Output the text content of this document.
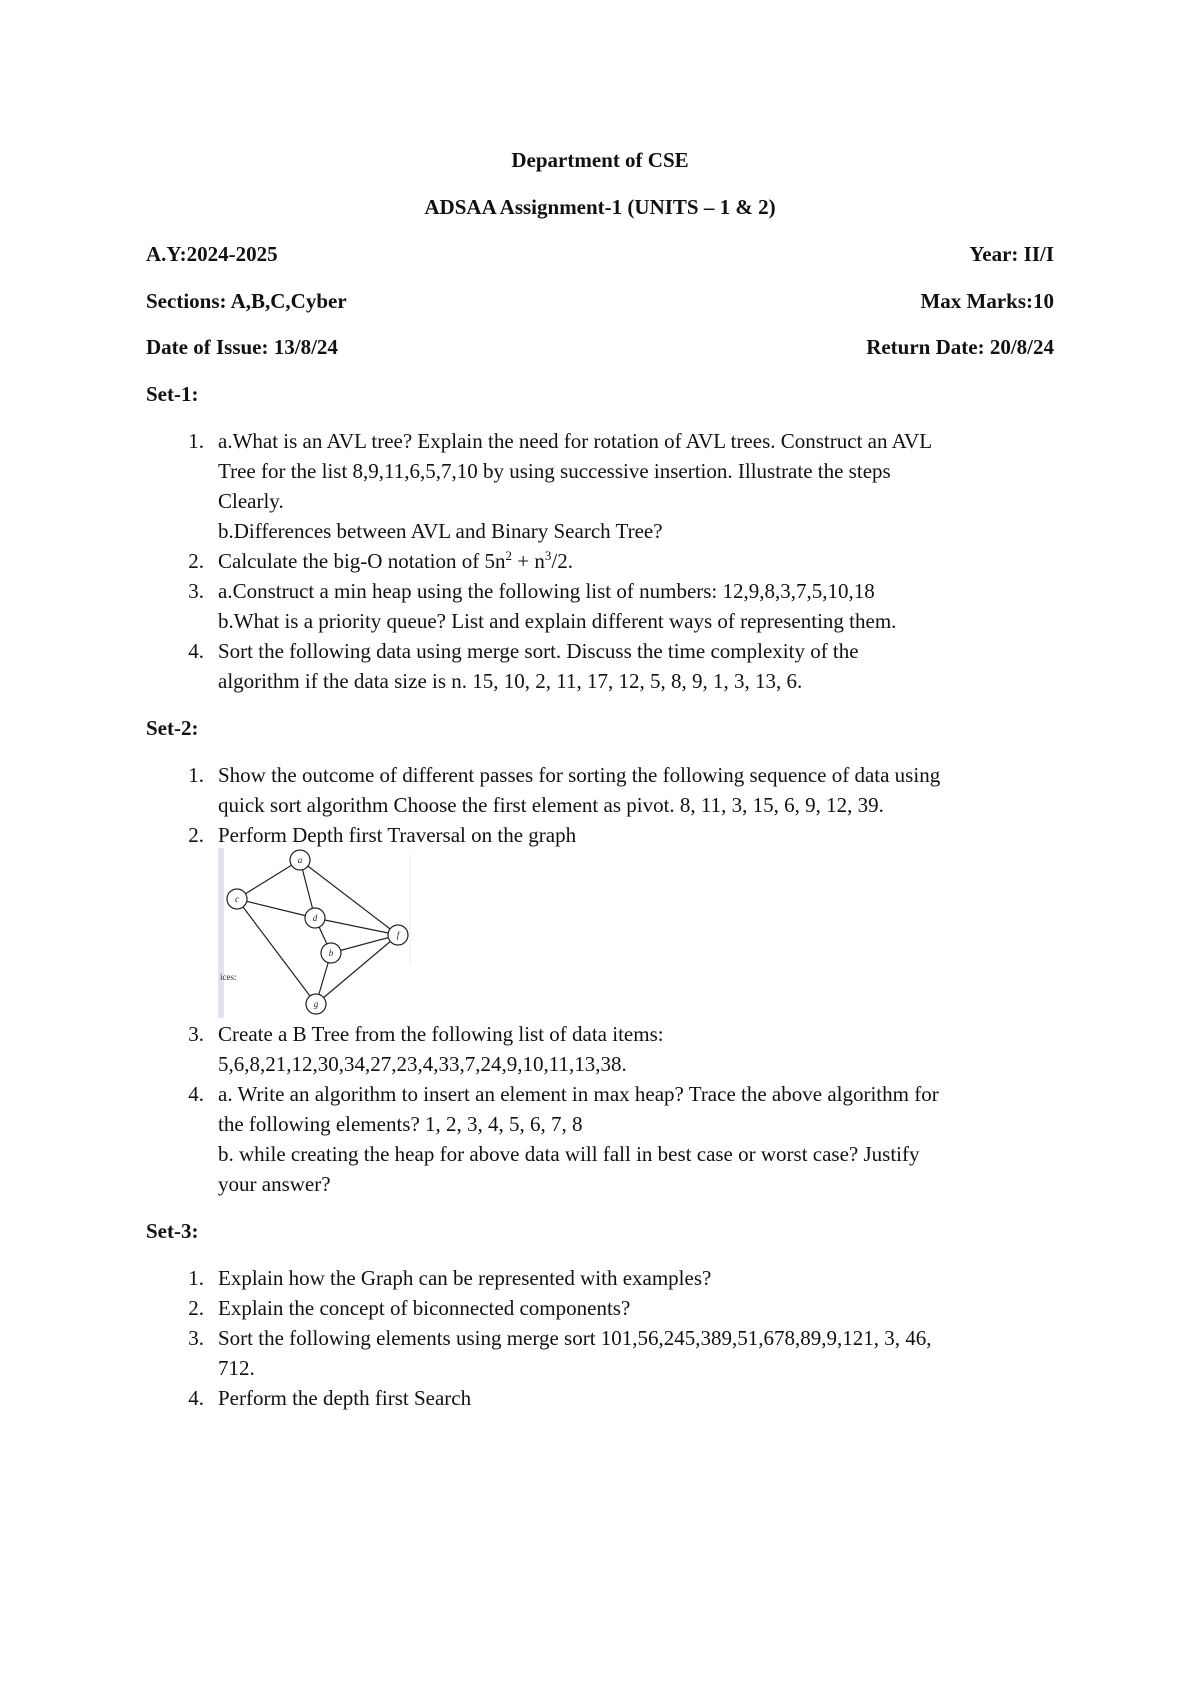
Department of CSE
ADSAA Assignment-1 (UNITS – 1 & 2)
A.Y:2024-2025	Year: II/I
Sections: A,B,C,Cyber	Max Marks:10
Date of Issue: 13/8/24	Return Date: 20/8/24
Set-1:
1. a.What is an AVL tree? Explain the need for rotation of AVL trees. Construct an AVL
Tree for the list 8,9,11,6,5,7,10 by using successive insertion. Illustrate the steps
Clearly.
b.Differences between AVL and Binary Search Tree?
2. Calculate the big-O notation of $5n^2 + n^3/2$.
3. a.Construct a min heap using the following list of numbers: 12,9,8,3,7,5,10,18
b.What is a priority queue? List and explain different ways of representing them.
4. Sort the following data using merge sort. Discuss the time complexity of the
algorithm if the data size is n. 15, 10, 2, 11, 17, 12, 5, 8, 9, 1, 3, 13, 6.
Set-2:
1. Show the outcome of different passes for sorting the following sequence of data using
quick sort algorithm Choose the first element as pivot. 8, 11, 3, 15, 6, 9, 12, 39.
2. Perform Depth first Traversal on the graph
a
c
d
f
b
g
ices:
3. Create a B Tree from the following list of data items:
5,6,8,21,12,30,34,27,23,4,33,7,24,9,10,11,13,38.
4. a. Write an algorithm to insert an element in max heap? Trace the above algorithm for
the following elements? 1, 2, 3, 4, 5, 6, 7, 8
b. while creating the heap for above data will fall in best case or worst case? Justify
your answer?
Set-3:
1. Explain how the Graph can be represented with examples?
2. Explain the concept of biconnected components?
3. Sort the following elements using merge sort 101,56,245,389,51,678,89,9,121, 3, 46,
712.
4. Perform the depth first Search
